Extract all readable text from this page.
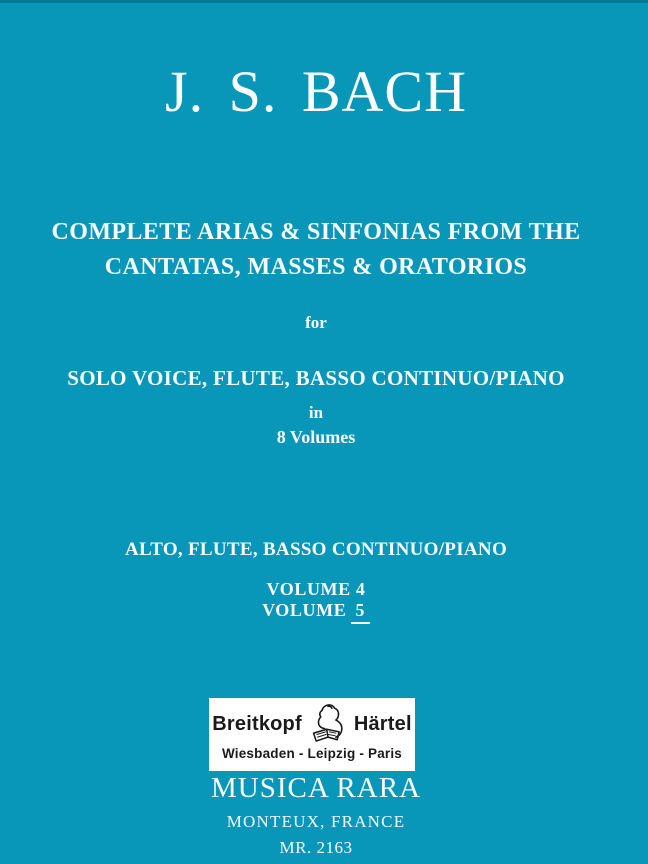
J. S. BACH
COMPLETE ARIAS & SINFONIAS FROM THE
CANTATAS, MASSES & ORATORIOS
for
SOLO VOICE, FLUTE, BASSO CONTINUO/PIANO
in
8 Volumes
ALTO, FLUTE, BASSO CONTINUO/PIANO
VOLUME 4
VOLUME 5
Breitkopf	Härtel
Wiesbaden - Leipzig - Paris
MUSICA RARA
MONTEUX, FRANCE
MR. 2163
